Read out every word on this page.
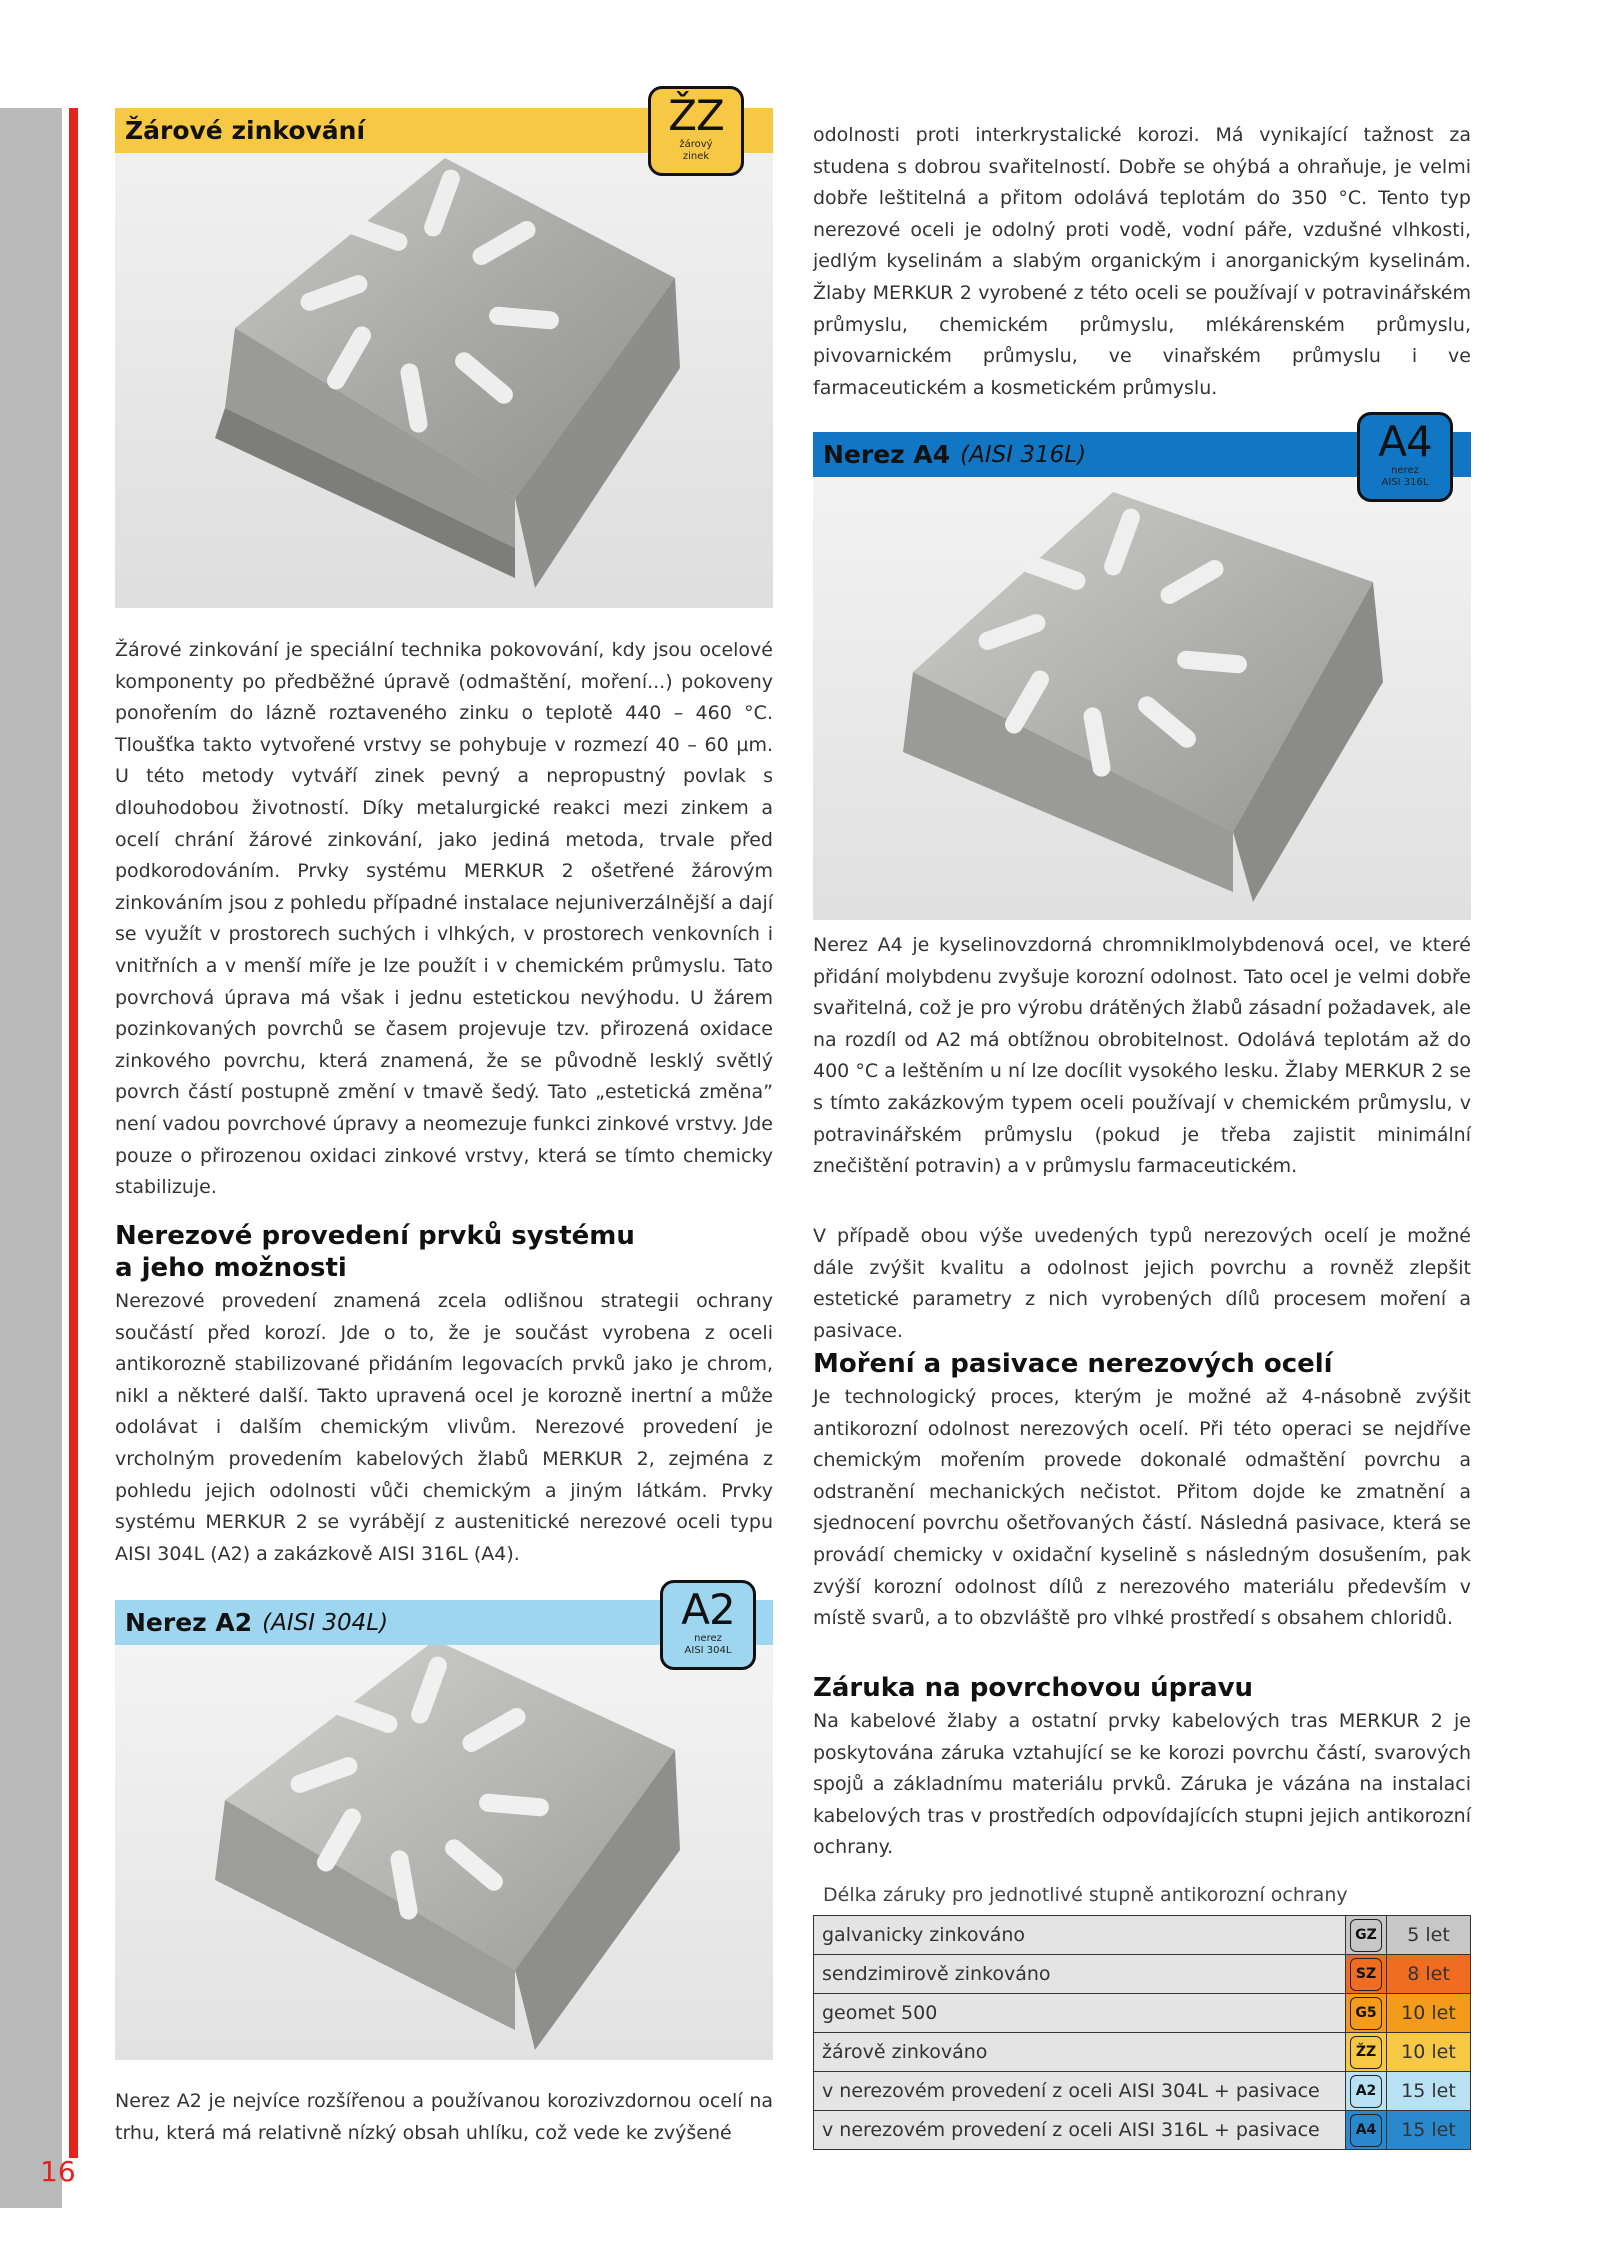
16
Žárové zinkování	ŽZ
žárový zinek
Žárové zinkování je speciální technika pokovování, kdy jsou ocelové komponenty po předběžné úpravě (odmaštění, moření...) pokoveny ponořením do lázně roztaveného zinku o teplotě 440 – 460 °C. Tloušťka takto vytvořené vrstvy se pohybuje v rozmezí 40 – 60 µm. U této metody vytváří zinek pevný a nepropustný povlak s dlouhodobou životností. Díky metalurgické reakci mezi zinkem a ocelí chrání žárové zinkování, jako jediná metoda, trvale před podkorodováním. Prvky systému MERKUR 2 ošetřené žárovým zinkováním jsou z pohledu případné instalace nejuniverzálnější a dají se využít v prostorech suchých i vlhkých, v prostorech venkovních i vnitřních a v menší míře je lze použít i v chemickém průmyslu. Tato povrchová úprava má však i jednu estetickou nevýhodu. U žárem pozinkovaných povrchů se časem projevuje tzv. přirozená oxidace zinkového povrchu, která znamená, že se původně lesklý světlý povrch částí postupně změní v tmavě šedý. Tato „estetická změna” není vadou povrchové úpravy a neomezuje funkci zinkové vrstvy. Jde pouze o přirozenou oxidaci zinkové vrstvy, která se tímto chemicky stabilizuje.
Nerezové provedení prvků systému a jeho možnosti
Nerezové provedení znamená zcela odlišnou strategii ochrany součástí před korozí. Jde o to, že je součást vyrobena z oceli antikorozně stabilizované přidáním legovacích prvků jako je chrom, nikl a některé další. Takto upravená ocel je korozně inertní a může odolávat i dalším chemickým vlivům. Nerezové provedení je vrcholným provedením kabelových žlabů MERKUR 2, zejména z pohledu jejich odolnosti vůči chemickým a jiným látkám. Prvky systému MERKUR 2 se vyrábějí z austenitické nerezové oceli typu AISI 304L (A2) a zakázkově AISI 316L (A4).
Nerez A2 (AISI 304L)	A2
nerez
AISI 304L
Nerez A2 je nejvíce rozšířenou a používanou korozivzdornou ocelí na trhu, která má relativně nízký obsah uhlíku, což vede ke zvýšené
odolnosti proti interkrystalické korozi. Má vynikající tažnost za studena s dobrou svařitelností. Dobře se ohýbá a ohraňuje, je velmi dobře leštitelná a přitom odolává teplotám do 350 °C. Tento typ nerezové oceli je odolný proti vodě, vodní páře, vzdušné vlhkosti, jedlým kyselinám a slabým organickým i anorganickým kyselinám. Žlaby MERKUR 2 vyrobené z této oceli se používají v potravinářském průmyslu, chemickém průmyslu, mlékárenském průmyslu, pivovarnickém průmyslu, ve vinařském průmyslu i ve farmaceutickém a kosmetickém průmyslu.
Nerez A4 (AISI 316L)	A4
nerez
AISI 316L
Nerez A4 je kyselinovzdorná chromniklmolybdenová ocel, ve které přidání molybdenu zvyšuje korozní odolnost. Tato ocel je velmi dobře svařitelná, což je pro výrobu drátěných žlabů zásadní požadavek, ale na rozdíl od A2 má obtížnou obrobitelnost. Odolává teplotám až do 400 °C a leštěním u ní lze docílit vysokého lesku. Žlaby MERKUR 2 se s tímto zakázkovým typem oceli používají v chemickém průmyslu, v potravinářském průmyslu (pokud je třeba zajistit minimální znečištění potravin) a v průmyslu farmaceutickém.
V případě obou výše uvedených typů nerezových ocelí je možné dále zvýšit kvalitu a odolnost jejich povrchu a rovněž zlepšit estetické parametry z nich vyrobených dílů procesem moření a pasivace.
Moření a pasivace nerezových ocelí
Je technologický proces, kterým je možné až 4-násobně zvýšit antikorozní odolnost nerezových ocelí. Při této operaci se nejdříve chemickým mořením provede dokonalé odmaštění povrchu a odstranění mechanických nečistot. Přitom dojde ke zmatnění a sjednocení povrchu ošetřovaných částí. Následná pasivace, která se provádí chemicky v oxidační kyselině s následným dosušením, pak zvýší korozní odolnost dílů z nerezového materiálu především v místě svarů, a to obzvláště pro vlhké prostředí s obsahem chloridů.
Záruka na povrchovou úpravu
Na kabelové žlaby a ostatní prvky kabelových tras MERKUR 2 je poskytována záruka vztahující se ke korozi povrchu částí, svarových spojů a základnímu materiálu prvků. Záruka je vázána na instalaci kabelových tras v prostředích odpovídajících stupni jejich antikorozní ochrany.
Délka záruky pro jednotlivé stupně antikorozní ochrany
galvanicky zinkováno	GZ	5 let
sendzimirově zinkováno	SZ	8 let
geomet 500	G5	10 let
žárově zinkováno	ŽZ	10 let
v nerezovém provedení z oceli AISI 304L + pasivace	A2	15 let
v nerezovém provedení z oceli AISI 316L + pasivace	A4	15 let
